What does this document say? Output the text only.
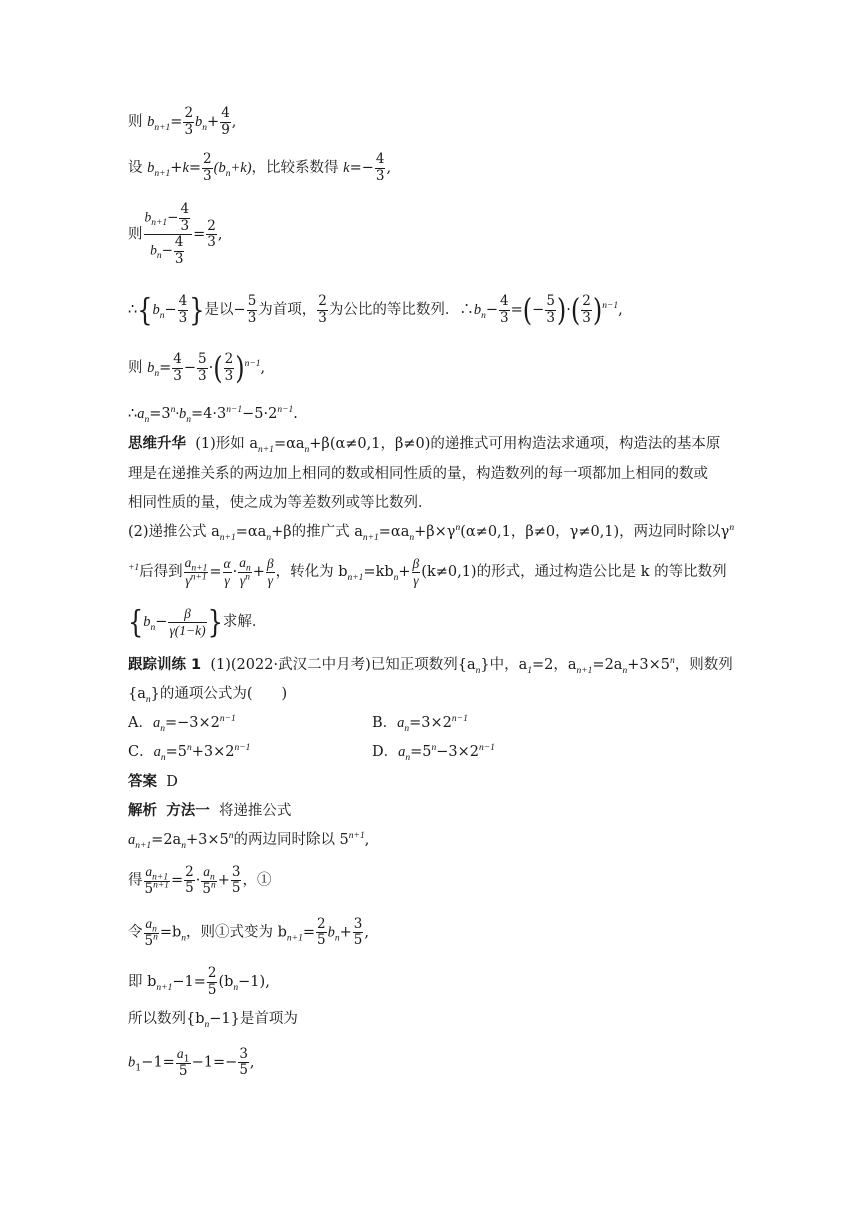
则 $b_{n+1}= \frac{2}{3} b_n+ \frac{4}{9}$ ,
设 $b_{n+1}+k= \frac{2}{3} (b_n+k)$，比较系数得 $k=- \frac{4}{3}$ ,
则 $\frac{b_{n+1}- \frac{4}{3}}{b_n- \frac{4}{3}} = \frac{2}{3}$ ,
$\therefore\{b_n- \frac{4}{3}$ }是以− $\frac{5}{3}$ 为首项， $\frac{2}{3}$ 为公比的等比数列．$\therefore b_n- \frac{4}{3}$ =(− $\frac{5}{3}$ )·( $\frac{2}{3} )^{n-1}$,
则 $b_n= \frac{4}{3} - \frac{5}{3}$ ·( $\frac{2}{3} )^{n-1}$,
$\therefore a_n=3^n\cdot b_n=4\cdot 3^{n-1}-5\cdot 2^{n-1}$.
思维升华 (1)形如 $a_{n+1}=\alpha a_n+\beta(\alpha\ne 0,1$，β≠0)的递推式可用构造法求通项，构造法的基本原
理是在递推关系的两边加上相同的数或相同性质的量，构造数列的每一项都加上相同的数或
相同性质的量，使之成为等差数列或等比数列．
(2)递推公式 $a_{n+1}=\alpha a_n+\beta$的推广式 $a_{n+1}=\alpha a_n+\beta\times\gamma^n(\alpha\ne 0,1$，β≠0，γ≠0,1)，两边同时除以$\gamma^n$
$^{+1}$后得到 $\frac{a_{n+1}}{\gamma^{n+1}} = \frac{\alpha}{\gamma} \cdot \frac{a_n}{\gamma^n} + \frac{\beta}{\gamma}$ ，转化为 $b_{n+1}=kb_n+ \frac{\beta}{\gamma} (k\ne 0,1)$的形式，通过构造公比是 k 的等比数列
{$b_n- \frac{\beta}{\gamma(1-k)}$ }求解．
跟踪训练 1 (1)(2022·武汉二中月考)已知正项数列$\{a_n\}$中，$a_1=2$，$a_{n+1}=2a_n+3\times 5^n$，则数列
$\{a_n\}$的通项公式为(　　)
A．$a_n=-3\times 2^{n-1}$	B．$a_n=3\times 2^{n-1}$
C．$a_n=5^n+3\times 2^{n-1}$	D．$a_n=5^n-3\times 2^{n-1}$
答案 D
解析 方法一 将递推公式
$a_{n+1}=2a_n+3\times 5^n$的两边同时除以 $5^{n+1}$,
得 $\frac{a_{n+1}}{5^{n+1}} = \frac{2}{5} \cdot \frac{a_n}{5^n} + \frac{3}{5}$ ，①
令 $\frac{a_n}{5^n} =b_n$，则①式变为 $b_{n+1}= \frac{2}{5} b_n+ \frac{3}{5}$ ,
即 $b_{n+1}-1= \frac{2}{5} (b_n-1)$,
所以数列$\{b_n-1\}$是首项为
$b_1-1= \frac{a_1}{5} -1=- \frac{3}{5}$ ,
